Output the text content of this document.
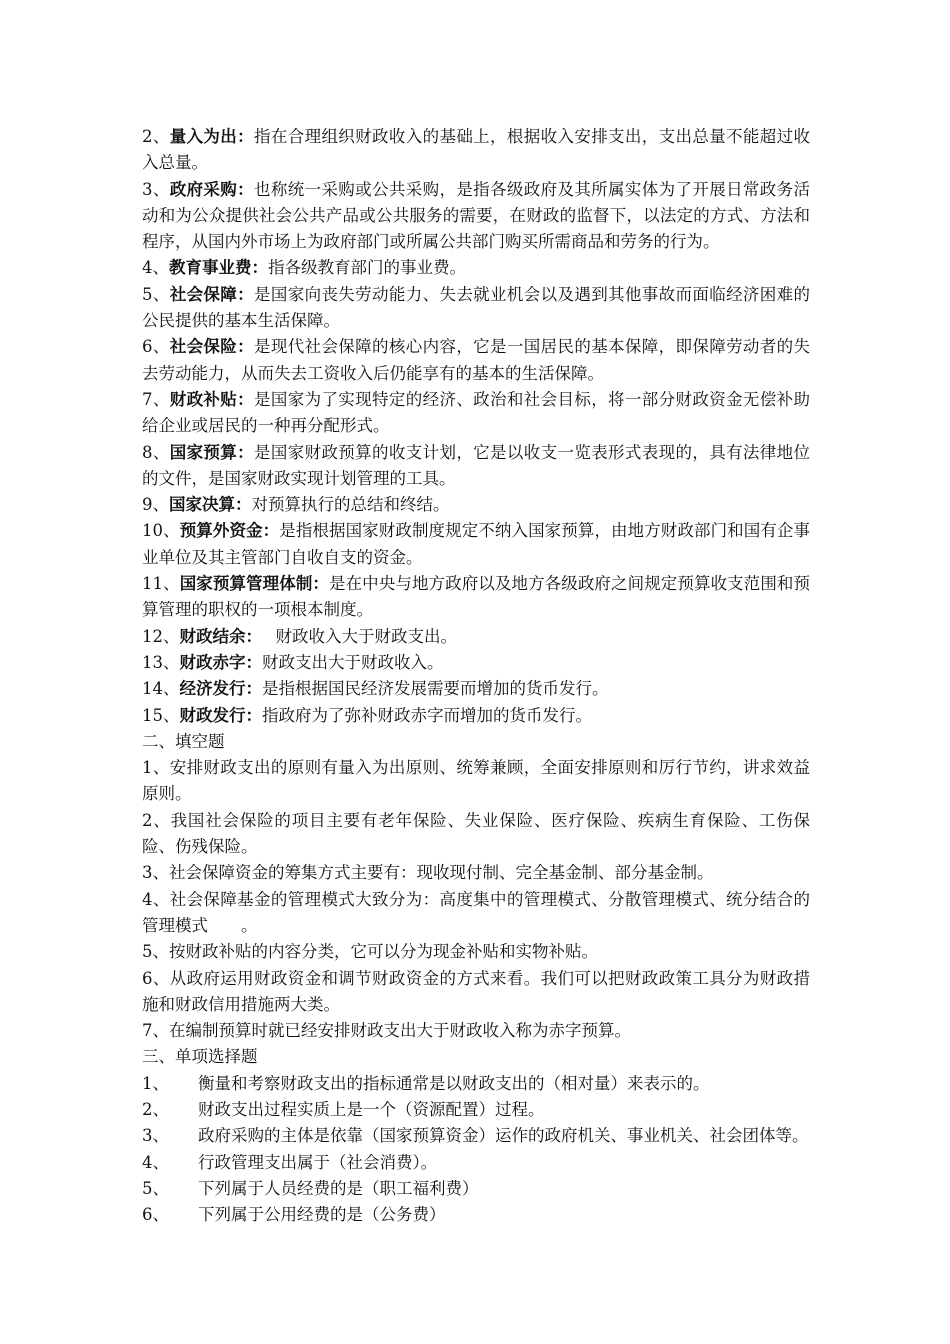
2、量入为出：指在合理组织财政收入的基础上，根据收入安排支出，支出总量不能超过收入总量。

3、政府采购：也称统一采购或公共采购，是指各级政府及其所属实体为了开展日常政务活动和为公众提供社会公共产品或公共服务的需要，在财政的监督下，以法定的方式、方法和程序，从国内外市场上为政府部门或所属公共部门购买所需商品和劳务的行为。

4、教育事业费：指各级教育部门的事业费。

5、社会保障：是国家向丧失劳动能力、失去就业机会以及遇到其他事故而面临经济困难的公民提供的基本生活保障。

6、社会保险：是现代社会保障的核心内容，它是一国居民的基本保障，即保障劳动者的失去劳动能力，从而失去工资收入后仍能享有的基本的生活保障。

7、财政补贴：是国家为了实现特定的经济、政治和社会目标，将一部分财政资金无偿补助给企业或居民的一种再分配形式。

8、国家预算：是国家财政预算的收支计划，它是以收支一览表形式表现的，具有法律地位的文件，是国家财政实现计划管理的工具。

9、国家决算：对预算执行的总结和终结。

10、预算外资金：是指根据国家财政制度规定不纳入国家预算，由地方财政部门和国有企事业单位及其主管部门自收自支的资金。

11、国家预算管理体制：是在中央与地方政府以及地方各级政府之间规定预算收支范围和预算管理的职权的一项根本制度。

12、财政结余：　 财政收入大于财政支出。

13、财政赤字：财政支出大于财政收入。

14、经济发行：是指根据国民经济发展需要而增加的货币发行。

15、财政发行：指政府为了弥补财政赤字而增加的货币发行。

二、填空题

1、安排财政支出的原则有量入为出原则、统筹兼顾，全面安排原则和厉行节约，讲求效益原则。

2、我国社会保险的项目主要有老年保险、失业保险、医疗保险、疾病生育保险、工伤保险、伤残保险。

3、社会保障资金的筹集方式主要有：现收现付制、完全基金制、部分基金制。

4、社会保障基金的管理模式大致分为：高度集中的管理模式、分散管理模式、统分结合的管理模式　　。

5、按财政补贴的内容分类，它可以分为现金补贴和实物补贴。

6、从政府运用财政资金和调节财政资金的方式来看。我们可以把财政政策工具分为财政措施和财政信用措施两大类。

7、在编制预算时就已经安排财政支出大于财政收入称为赤字预算。

三、单项选择题

1、 衡量和考察财政支出的指标通常是以财政支出的（相对量）来表示的。

2、 财政支出过程实质上是一个（资源配置）过程。

3、 政府采购的主体是依靠（国家预算资金）运作的政府机关、事业机关、社会团体等。

4、 行政管理支出属于（社会消费）。

5、 下列属于人员经费的是（职工福利费）

6、 下列属于公用经费的是（公务费）
